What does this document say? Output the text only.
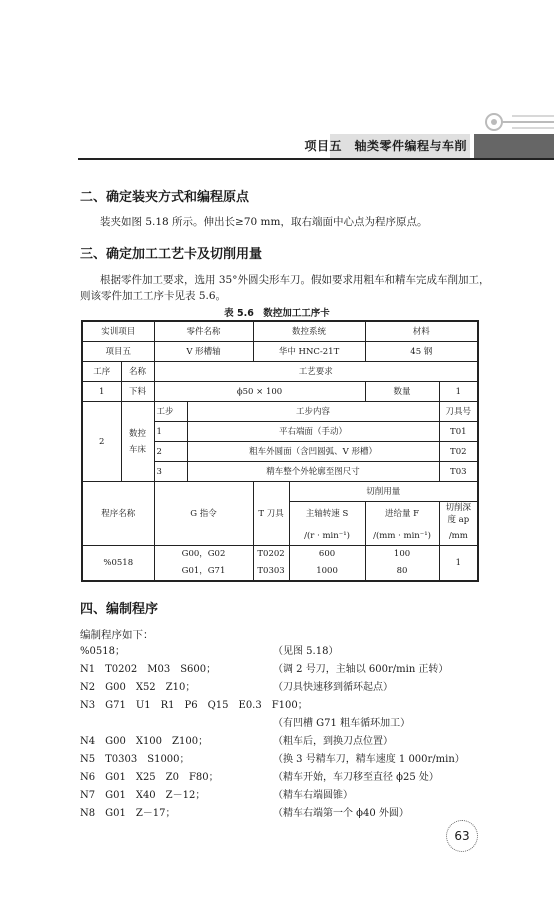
项目五　轴类零件编程与车削
二、确定装夹方式和编程原点

装夹如图 5.18 所示。伸出长≥70 mm，取右端面中心点为程序原点。

三、确定加工工艺卡及切削用量

根据零件加工要求，选用 35°外圆尖形车刀。假如要求用粗车和精车完成车削加工，

则该零件加工工序卡见表 5.6。

表 5.6　数控加工工序卡
实训项目		零件名称		数控系统		材料	
项目五		V 形槽轴		华中 HNC-21T		45 钢	
工序	名称	工艺要求					
1	下料	ϕ50 × 100				数量	1
2	数控车床	工步	工步内容				刀具号
		1	平右端面（手动）				T01
		2	粗车外圆面（含凹圆弧、V 形槽）				T02
		3	精车整个外轮廓至图尺寸				T03
程序名称		G 指令		T 刀具	切削用量		
					主轴转速 S	进给量 F	切削深度 ap
					/(r · min⁻¹)	/(mm · min⁻¹)	/mm
%0518		G00，G02		T0202	600	100	1
		G01，G71		T0303	1000	80	
四、编制程序

编制程序如下：

%0518；	（见图 5.18）
N1　T0202　M03　S600；	（调 2 号刀，主轴以 600r/min 正转）
N2　G00　X52　Z10；	（刀具快速移到循环起点）
N3　G71　U1　R1　P6　Q15　E0.3　F100；
（有凹槽 G71 粗车循环加工）
N4　G00　X100　Z100；	（粗车后，到换刀点位置）
N5　T0303　S1000；	（换 3 号精车刀，精车速度 1 000r/min）
N6　G01　X25　Z0　F80；	（精车开始，车刀移至直径 ϕ25 处）
N7　G01　X40　Z－12；	（精车右端圆锥）
N8　G01　Z－17；	（精车右端第一个 ϕ40 外圆）
63
